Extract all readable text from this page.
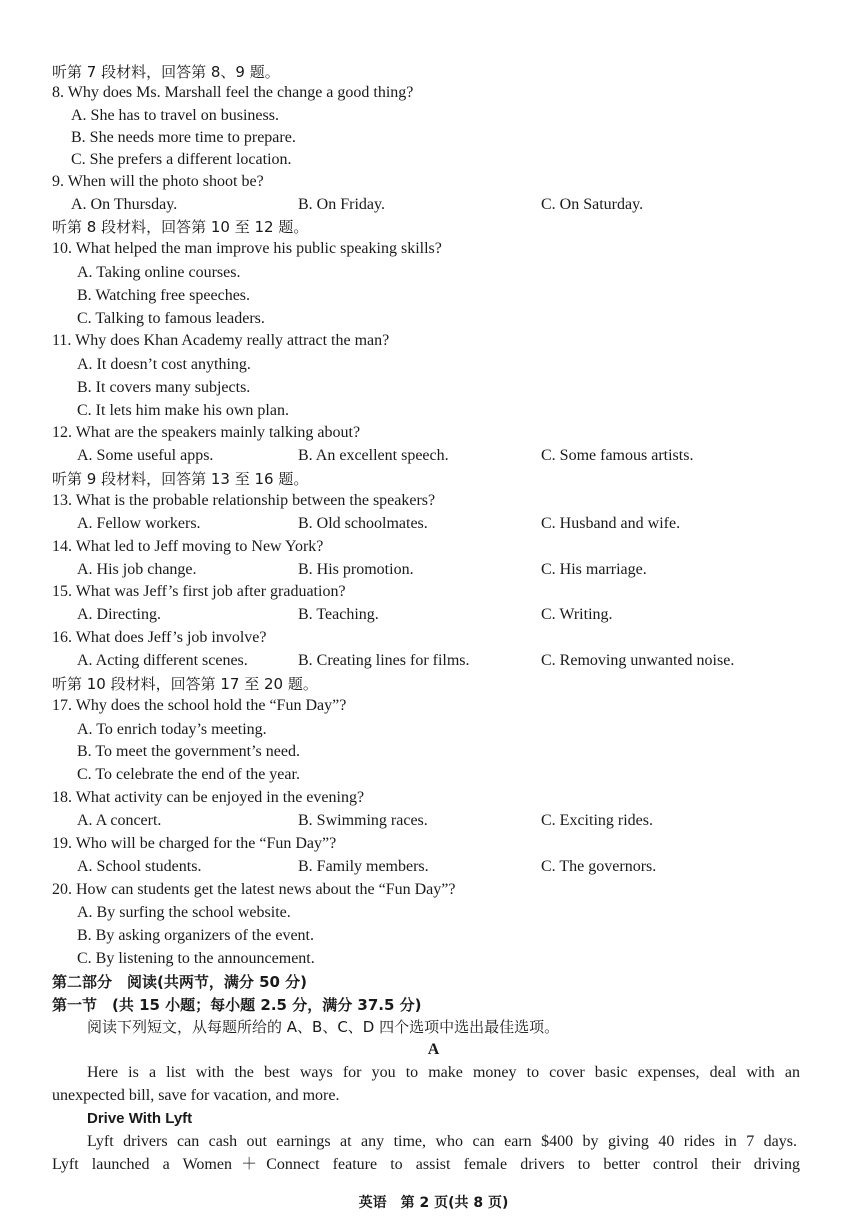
听第 7 段材料，回答第 8、9 题。
8. Why does Ms. Marshall feel the change a good thing?
A. She has to travel on business.
B. She needs more time to prepare.
C. She prefers a different location.
9. When will the photo shoot be?
A. On Thursday.	B. On Friday.	C. On Saturday.
听第 8 段材料，回答第 10 至 12 题。
10. What helped the man improve his public speaking skills?
A. Taking online courses.
B. Watching free speeches.
C. Talking to famous leaders.
11. Why does Khan Academy really attract the man?
A. It doesn’t cost anything.
B. It covers many subjects.
C. It lets him make his own plan.
12. What are the speakers mainly talking about?
A. Some useful apps.	B. An excellent speech.	C. Some famous artists.
听第 9 段材料，回答第 13 至 16 题。
13. What is the probable relationship between the speakers?
A. Fellow workers.	B. Old schoolmates.	C. Husband and wife.
14. What led to Jeff moving to New York?
A. His job change.	B. His promotion.	C. His marriage.
15. What was Jeff’s first job after graduation?
A. Directing.	B. Teaching.	C. Writing.
16. What does Jeff’s job involve?
A. Acting different scenes.	B. Creating lines for films.	C. Removing unwanted noise.
听第 10 段材料，回答第 17 至 20 题。
17. Why does the school hold the “Fun Day”?
A. To enrich today’s meeting.
B. To meet the government’s need.
C. To celebrate the end of the year.
18. What activity can be enjoyed in the evening?
A. A concert.	B. Swimming races.	C. Exciting rides.
19. Who will be charged for the “Fun Day”?
A. School students.	B. Family members.	C. The governors.
20. How can students get the latest news about the “Fun Day”?
A. By surfing the school website.
B. By asking organizers of the event.
C. By listening to the announcement.
第二部分　阅读(共两节，满分 50 分)
第一节　(共 15 小题；每小题 2.5 分，满分 37.5 分)
阅读下列短文，从每题所给的 A、B、C、D 四个选项中选出最佳选项。
A
Here is a list with the best ways for you to make money to cover basic expenses, deal with an
unexpected bill, save for vacation, and more.
Drive With Lyft
Lyft drivers can cash out earnings at any time, who can earn $400 by giving 40 rides in 7 days.
Lyft launched a Women＋Connect feature to assist female drivers to better control their driving
英语　第 2 页(共 8 页)
